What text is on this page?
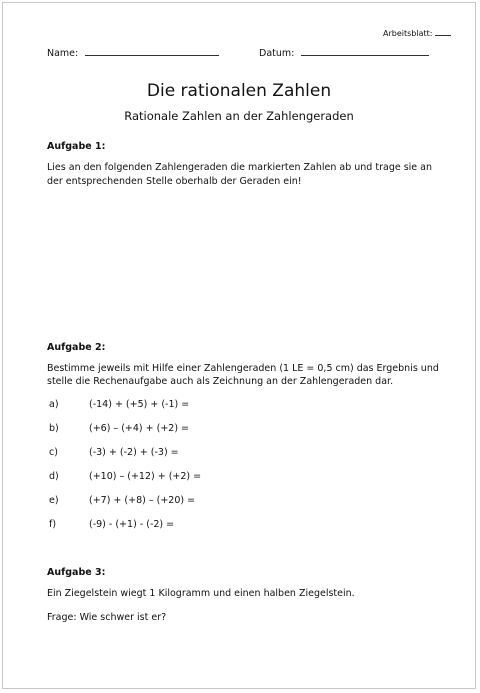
Arbeitsblatt:
Name:	Datum:
Die rationalen Zahlen
Rationale Zahlen an der Zahlengeraden
Aufgabe 1:
Lies an den folgenden Zahlengeraden die markierten Zahlen ab und trage sie an
der entsprechenden Stelle oberhalb der Geraden ein!
Aufgabe 2:
Bestimme jeweils mit Hilfe einer Zahlengeraden (1 LE = 0,5 cm) das Ergebnis und
stelle die Rechenaufgabe auch als Zeichnung an der Zahlengeraden dar.
a)	(-14) + (+5) + (-1) =
b)	(+6) – (+4) + (+2) =
c)	(-3) + (-2) + (-3) =
d)	(+10) – (+12) + (+2) =
e)	(+7) + (+8) – (+20) =
f)	(-9) - (+1) - (-2) =
Aufgabe 3:
Ein Ziegelstein wiegt 1 Kilogramm und einen halben Ziegelstein.
Frage: Wie schwer ist er?
